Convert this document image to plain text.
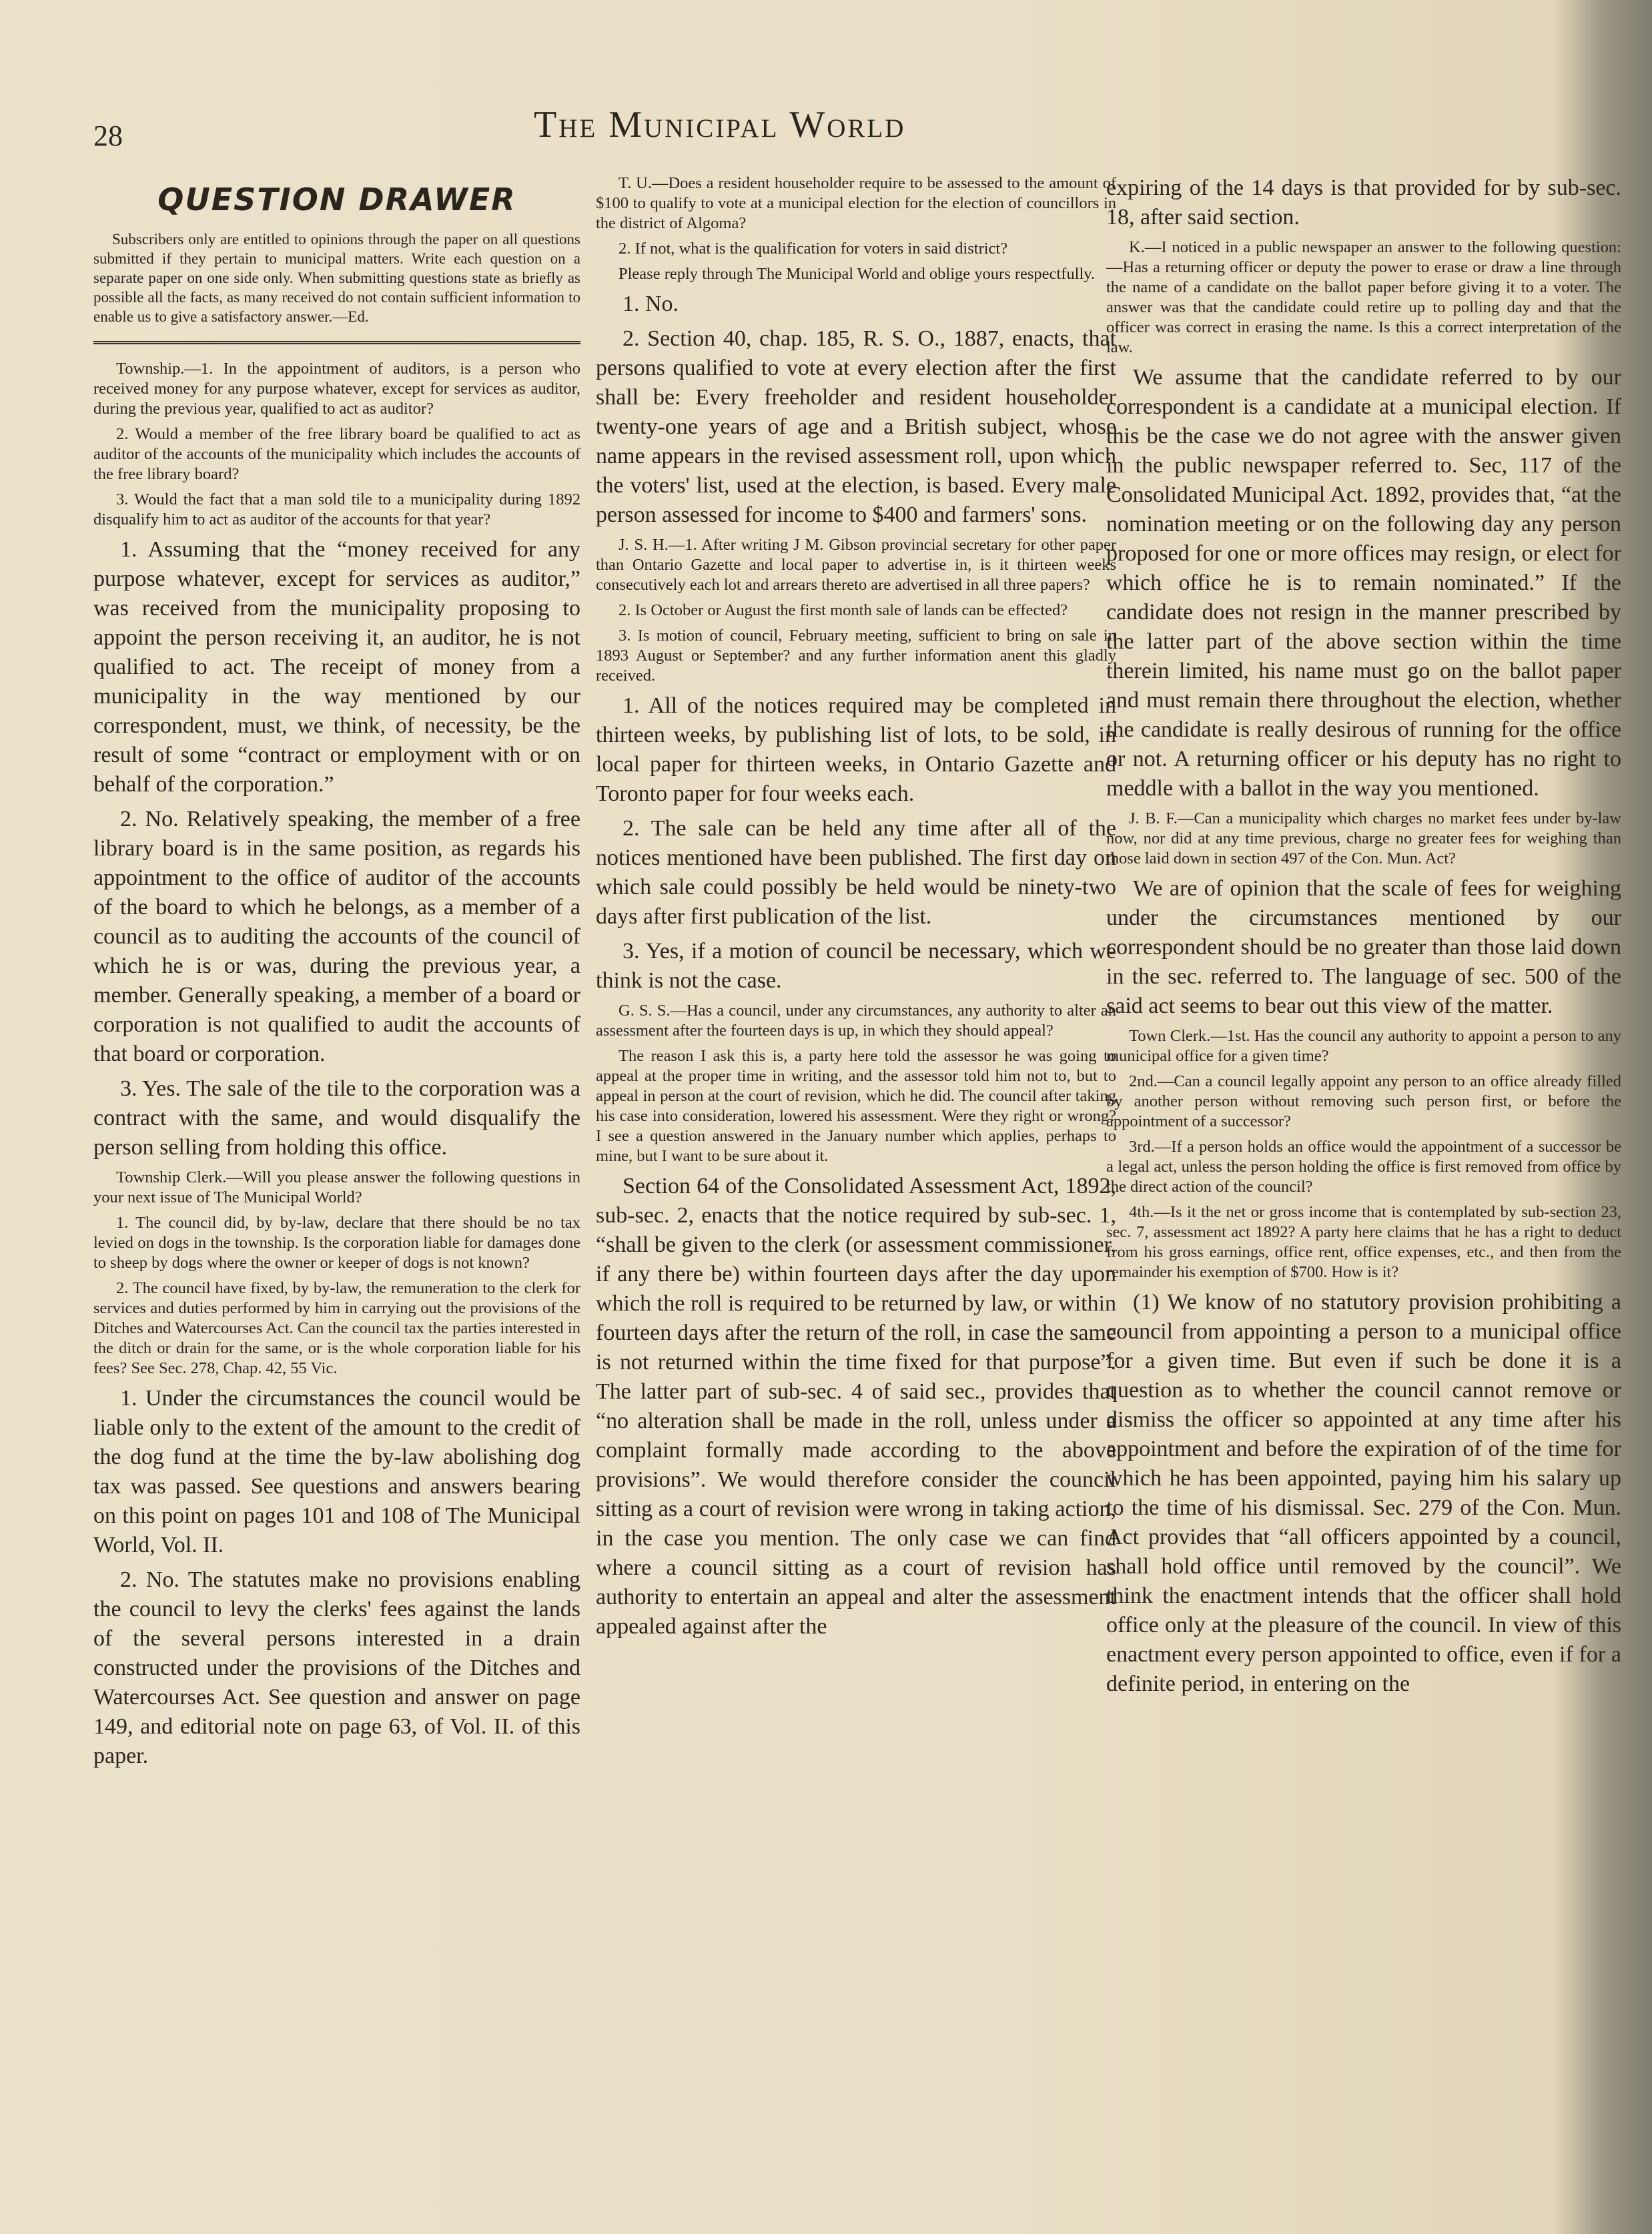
28	The Municipal World
QUESTION DRAWER

Subscribers only are entitled to opinions through the paper on all questions submitted if they pertain to municipal matters. Write each question on a separate paper on one side only. When submitting questions state as briefly as possible all the facts, as many received do not contain sufficient information to enable us to give a satisfactory answer.—Ed.

Township.—1. In the appointment of auditors, is a person who received money for any purpose whatever, except for services as auditor, during the previous year, qualified to act as auditor?

2. Would a member of the free library board be qualified to act as auditor of the accounts of the municipality which includes the accounts of the free library board?

3. Would the fact that a man sold tile to a municipality during 1892 disqualify him to act as auditor of the accounts for that year?

1. Assuming that the “money received for any purpose whatever, except for services as auditor,” was received from the municipality proposing to appoint the person receiving it, an auditor, he is not qualified to act. The receipt of money from a municipality in the way mentioned by our correspondent, must, we think, of necessity, be the result of some “contract or employment with or on behalf of the corporation.”

2. No. Relatively speaking, the member of a free library board is in the same position, as regards his appointment to the office of auditor of the accounts of the board to which he belongs, as a member of a council as to auditing the accounts of the council of which he is or was, during the previous year, a member. Generally speaking, a member of a board or corporation is not qualified to audit the accounts of that board or corporation.

3. Yes. The sale of the tile to the corporation was a contract with the same, and would disqualify the person selling from holding this office.

Township Clerk.—Will you please answer the following questions in your next issue of The Municipal World?

1. The council did, by by-law, declare that there should be no tax levied on dogs in the township. Is the corporation liable for damages done to sheep by dogs where the owner or keeper of dogs is not known?

2. The council have fixed, by by-law, the remuneration to the clerk for services and duties performed by him in carrying out the provisions of the Ditches and Watercourses Act. Can the council tax the parties interested in the ditch or drain for the same, or is the whole corporation liable for his fees? See Sec. 278, Chap. 42, 55 Vic.

1. Under the circumstances the council would be liable only to the extent of the amount to the credit of the dog fund at the time the by-law abolishing dog tax was passed. See questions and answers bearing on this point on pages 101 and 108 of The Municipal World, Vol. II.

2. No. The statutes make no provisions enabling the council to levy the clerks' fees against the lands of the several persons interested in a drain constructed under the provisions of the Ditches and Watercourses Act. See question and answer on page 149, and editorial note on page 63, of Vol. II. of this paper.

T. U.—Does a resident householder require to be assessed to the amount of $100 to qualify to vote at a municipal election for the election of councillors in the district of Algoma?

2. If not, what is the qualification for voters in said district?

Please reply through The Municipal World and oblige yours respectfully.

1. No.

2. Section 40, chap. 185, R. S. O., 1887, enacts, that persons qualified to vote at every election after the first shall be: Every freeholder and resident householder twenty-one years of age and a British subject, whose name appears in the revised assessment roll, upon which the voters' list, used at the election, is based. Every male person assessed for income to $400 and farmers' sons.

J. S. H.—1. After writing J M. Gibson provincial secretary for other paper than Ontario Gazette and local paper to advertise in, is it thirteen weeks consecutively each lot and arrears thereto are advertised in all three papers?

2. Is October or August the first month sale of lands can be effected?

3. Is motion of council, February meeting, sufficient to bring on sale in 1893 August or September? and any further information anent this gladly received.

1. All of the notices required may be completed in thirteen weeks, by publishing list of lots, to be sold, in local paper for thirteen weeks, in Ontario Gazette and Toronto paper for four weeks each.

2. The sale can be held any time after all of the notices mentioned have been published. The first day on which sale could possibly be held would be ninety-two days after first publication of the list.

3. Yes, if a motion of council be necessary, which we think is not the case.

G. S. S.—Has a council, under any circumstances, any authority to alter an assessment after the fourteen days is up, in which they should appeal?

The reason I ask this is, a party here told the assessor he was going to appeal at the proper time in writing, and the assessor told him not to, but to appeal in person at the court of revision, which he did. The council after taking his case into consideration, lowered his assessment. Were they right or wrong? I see a question answered in the January number which applies, perhaps to mine, but I want to be sure about it.

Section 64 of the Consolidated Assessment Act, 1892, sub-sec. 2, enacts that the notice required by sub-sec. 1, “shall be given to the clerk (or assessment commissioner, if any there be) within fourteen days after the day upon which the roll is required to be returned by law, or within fourteen days after the return of the roll, in case the same is not returned within the time fixed for that purpose”. The latter part of sub-sec. 4 of said sec., provides that “no alteration shall be made in the roll, unless under a complaint formally made according to the above provisions”. We would therefore consider the council sitting as a court of revision were wrong in taking action, in the case you mention. The only case we can find where a council sitting as a court of revision has authority to entertain an appeal and alter the assessment appealed against after the

expiring of the 14 days is that provided for by sub-sec. 18, after said section.

K.—I noticed in a public newspaper an answer to the following question:—Has a returning officer or deputy the power to erase or draw a line through the name of a candidate on the ballot paper before giving it to a voter. The answer was that the candidate could retire up to polling day and that the officer was correct in erasing the name. Is this a correct interpretation of the law.

We assume that the candidate referred to by our correspondent is a candidate at a municipal election. If this be the case we do not agree with the answer given in the public newspaper referred to. Sec, 117 of the Consolidated Municipal Act. 1892, provides that, “at the nomination meeting or on the following day any person proposed for one or more offices may resign, or elect for which office he is to remain nominated.” If the candidate does not resign in the manner prescribed by the latter part of the above section within the time therein limited, his name must go on the ballot paper and must remain there throughout the election, whether the candidate is really desirous of running for the office or not. A returning officer or his deputy has no right to meddle with a ballot in the way you mentioned.

J. B. F.—Can a municipality which charges no market fees under by-law now, nor did at any time previous, charge no greater fees for weighing than those laid down in section 497 of the Con. Mun. Act?

We are of opinion that the scale of fees for weighing under the circumstances mentioned by our correspondent should be no greater than those laid down in the sec. referred to. The language of sec. 500 of the said act seems to bear out this view of the matter.

Town Clerk.—1st. Has the council any authority to appoint a person to any municipal office for a given time?

2nd.—Can a council legally appoint any person to an office already filled by another person without removing such person first, or before the appointment of a successor?

3rd.—If a person holds an office would the appointment of a successor be a legal act, unless the person holding the office is first removed from office by the direct action of the council?

4th.—Is it the net or gross income that is contemplated by sub-section 23, sec. 7, assessment act 1892? A party here claims that he has a right to deduct from his gross earnings, office rent, office expenses, etc., and then from the remainder his exemption of $700. How is it?

(1) We know of no statutory provision prohibiting a council from appointing a person to a municipal office for a given time. But even if such be done it is a question as to whether the council cannot remove or dismiss the officer so appointed at any time after his appointment and before the expiration of of the time for which he has been appointed, paying him his salary up to the time of his dismissal. Sec. 279 of the Con. Mun. Act provides that “all officers appointed by a council, shall hold office until removed by the council”. We think the enactment intends that the officer shall hold office only at the pleasure of the council. In view of this enactment every person appointed to office, even if for a definite period, in entering on the
